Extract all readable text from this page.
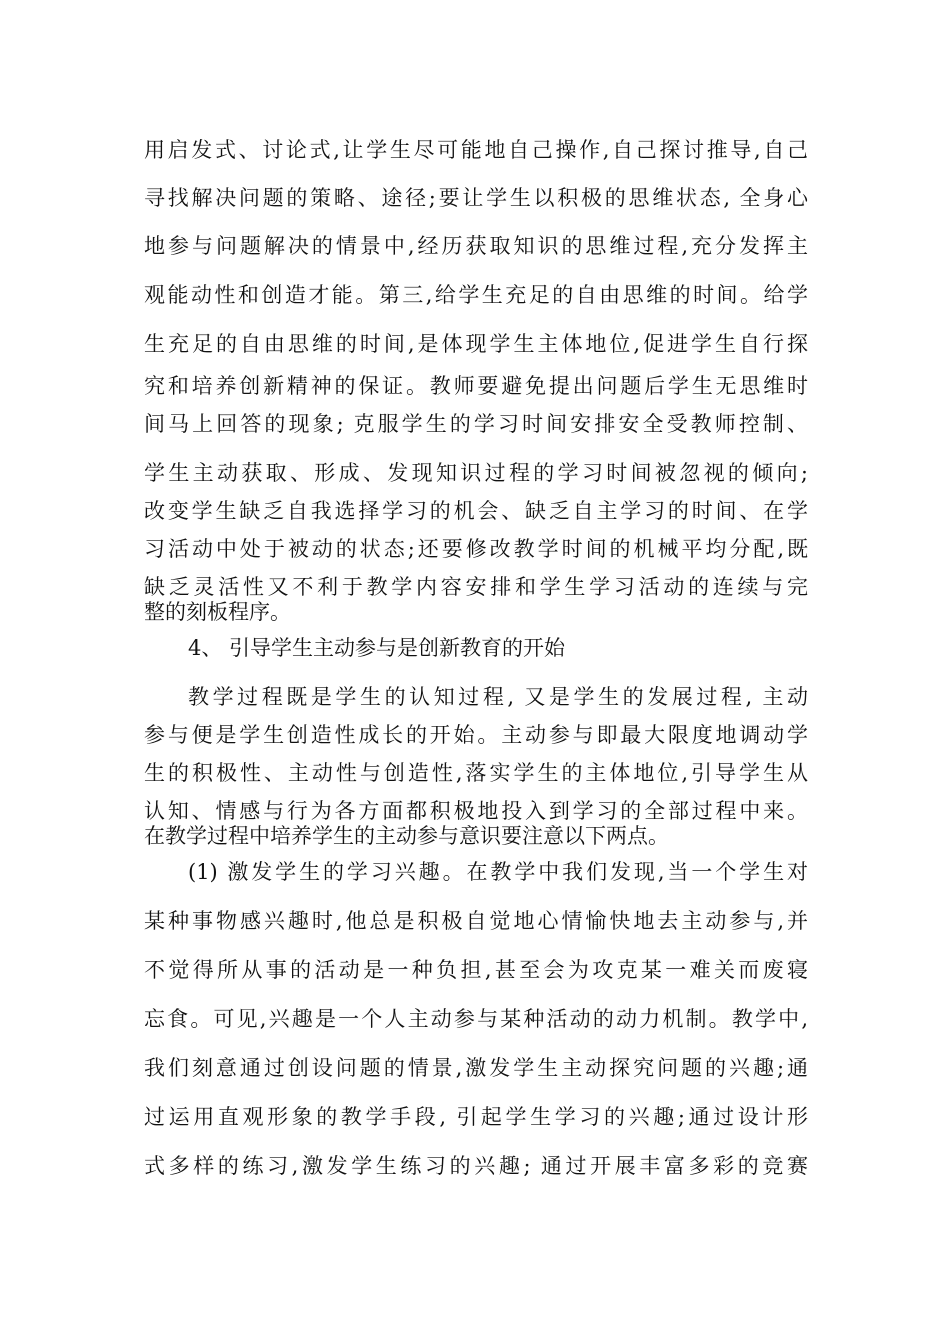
用启发式、讨论式,让学生尽可能地自己操作,自己探讨推导,自己
寻找解决问题的策略、途径;要让学生以积极的思维状态, 全身心
地参与问题解决的情景中,经历获取知识的思维过程,充分发挥主
观能动性和创造才能。第三,给学生充足的自由思维的时间。给学
生充足的自由思维的时间,是体现学生主体地位,促进学生自行探
究和培养创新精神的保证。教师要避免提出问题后学生无思维时
间马上回答的现象; 克服学生的学习时间安排安全受教师控制、
学生主动获取、形成、发现知识过程的学习时间被忽视的倾向;
改变学生缺乏自我选择学习的机会、缺乏自主学习的时间、在学
习活动中处于被动的状态;还要修改教学时间的机械平均分配,既
缺乏灵活性又不利于教学内容安排和学生学习活动的连续与完
整的刻板程序。
4、 引导学生主动参与是创新教育的开始
教学过程既是学生的认知过程, 又是学生的发展过程, 主动
参与便是学生创造性成长的开始。主动参与即最大限度地调动学
生的积极性、主动性与创造性,落实学生的主体地位,引导学生从
认知、情感与行为各方面都积极地投入到学习的全部过程中来。
在教学过程中培养学生的主动参与意识要注意以下两点。
(1) 激发学生的学习兴趣。在教学中我们发现,当一个学生对
某种事物感兴趣时,他总是积极自觉地心情愉快地去主动参与,并
不觉得所从事的活动是一种负担,甚至会为攻克某一难关而废寝
忘食。可见,兴趣是一个人主动参与某种活动的动力机制。教学中,
我们刻意通过创设问题的情景,激发学生主动探究问题的兴趣;通
过运用直观形象的教学手段, 引起学生学习的兴趣;通过设计形
式多样的练习,激发学生练习的兴趣; 通过开展丰富多彩的竞赛
